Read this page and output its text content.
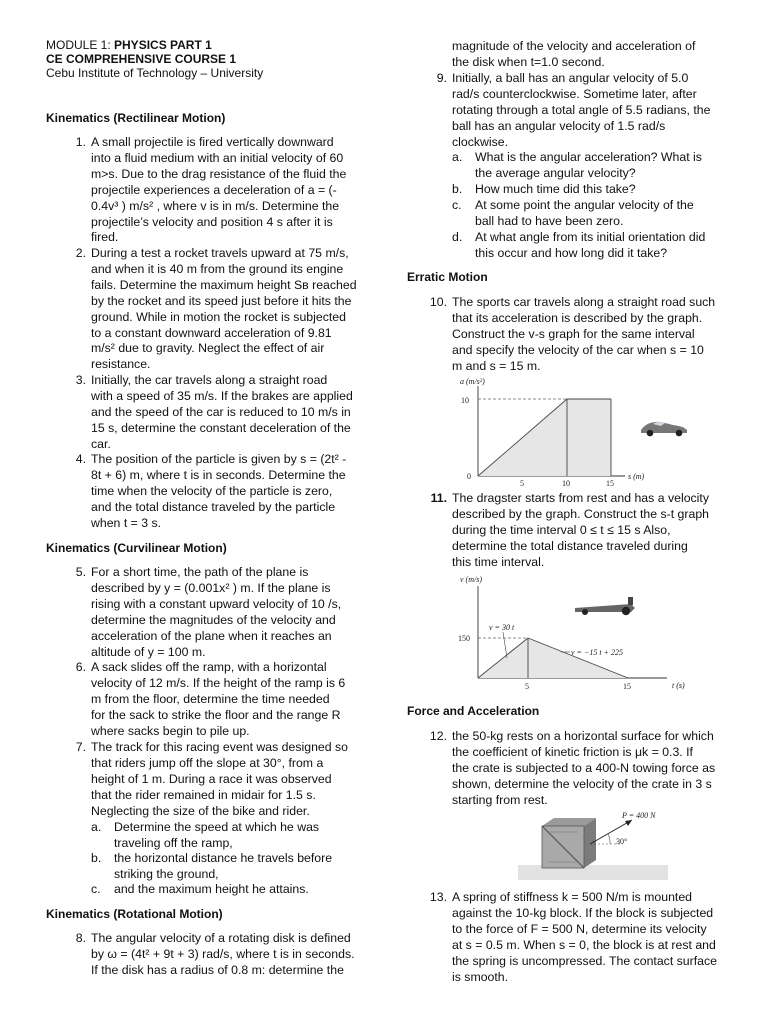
MODULE 1: PHYSICS PART 1
CE COMPREHENSIVE COURSE 1
Cebu Institute of Technology – University
Kinematics (Rectilinear Motion)
1. A small projectile is fired vertically downward
into a fluid medium with an initial velocity of 60
m>s. Due to the drag resistance of the fluid the
projectile experiences a deceleration of a = (-
0.4v³ ) m/s² , where v is in m/s. Determine the
projectile’s velocity and position 4 s after it is
fired.
2. During a test a rocket travels upward at 75 m/s,
and when it is 40 m from the ground its engine
fails. Determine the maximum height Sʙ reached
by the rocket and its speed just before it hits the
ground. While in motion the rocket is subjected
to a constant downward acceleration of 9.81
m/s² due to gravity. Neglect the effect of air
resistance.
3. Initially, the car travels along a straight road
with a speed of 35 m/s. If the brakes are applied
and the speed of the car is reduced to 10 m/s in
15 s, determine the constant deceleration of the
car.
4. The position of the particle is given by s = (2t² -
8t + 6) m, where t is in seconds. Determine the
time when the velocity of the particle is zero,
and the total distance traveled by the particle
when t = 3 s.
Kinematics (Curvilinear Motion)
5. For a short time, the path of the plane is
described by y = (0.001x² ) m. If the plane is
rising with a constant upward velocity of 10 /s,
determine the magnitudes of the velocity and
acceleration of the plane when it reaches an
altitude of y = 100 m.
6. A sack slides off the ramp, with a horizontal
velocity of 12 m/s. If the height of the ramp is 6
m from the floor, determine the time needed
for the sack to strike the floor and the range R
where sacks begin to pile up.
7. The track for this racing event was designed so
that riders jump off the slope at 30°, from a
height of 1 m. During a race it was observed
that the rider remained in midair for 1.5 s.
Neglecting the size of the bike and rider.
a. Determine the speed at which he was
traveling off the ramp,
b. the horizontal distance he travels before
striking the ground,
c. and the maximum height he attains.
Kinematics (Rotational Motion)
8. The angular velocity of a rotating disk is defined
by ω = (4t² + 9t + 3) rad/s, where t is in seconds.
If the disk has a radius of 0.8 m: determine the
magnitude of the velocity and acceleration of
the disk when t=1.0 second.
9. Initially, a ball has an angular velocity of 5.0
rad/s counterclockwise. Sometime later, after
rotating through a total angle of 5.5 radians, the
ball has an angular velocity of 1.5 rad/s
clockwise.
a. What is the angular acceleration? What is
the average angular velocity?
b. How much time did this take?
c. At some point the angular velocity of the
ball had to have been zero.
d. At what angle from its initial orientation did
this occur and how long did it take?
Erratic Motion
10. The sports car travels along a straight road such
that its acceleration is described by the graph.
Construct the v-s graph for the same interval
and specify the velocity of the car when s = 10
m and s = 15 m.
a (m/s²)
10
0
5	10	15
s (m)
11. The dragster starts from rest and has a velocity
described by the graph. Construct the s-t graph
during the time interval 0 ≤ t ≤ 15 s Also,
determine the total distance traveled during
this time interval.
v (m/s)
150
5	15	t (s)
v = 30 t
v = −15 t + 225
Force and Acceleration
12. the 50-kg rests on a horizontal surface for which
the coefficient of kinetic friction is μk = 0.3. If
the crate is subjected to a 400-N towing force as
shown, determine the velocity of the crate in 3 s
starting from rest.
30°
P = 400 N
13. A spring of stiffness k = 500 N/m is mounted
against the 10-kg block. If the block is subjected
to the force of F = 500 N, determine its velocity
at s = 0.5 m. When s = 0, the block is at rest and
the spring is uncompressed. The contact surface
is smooth.
